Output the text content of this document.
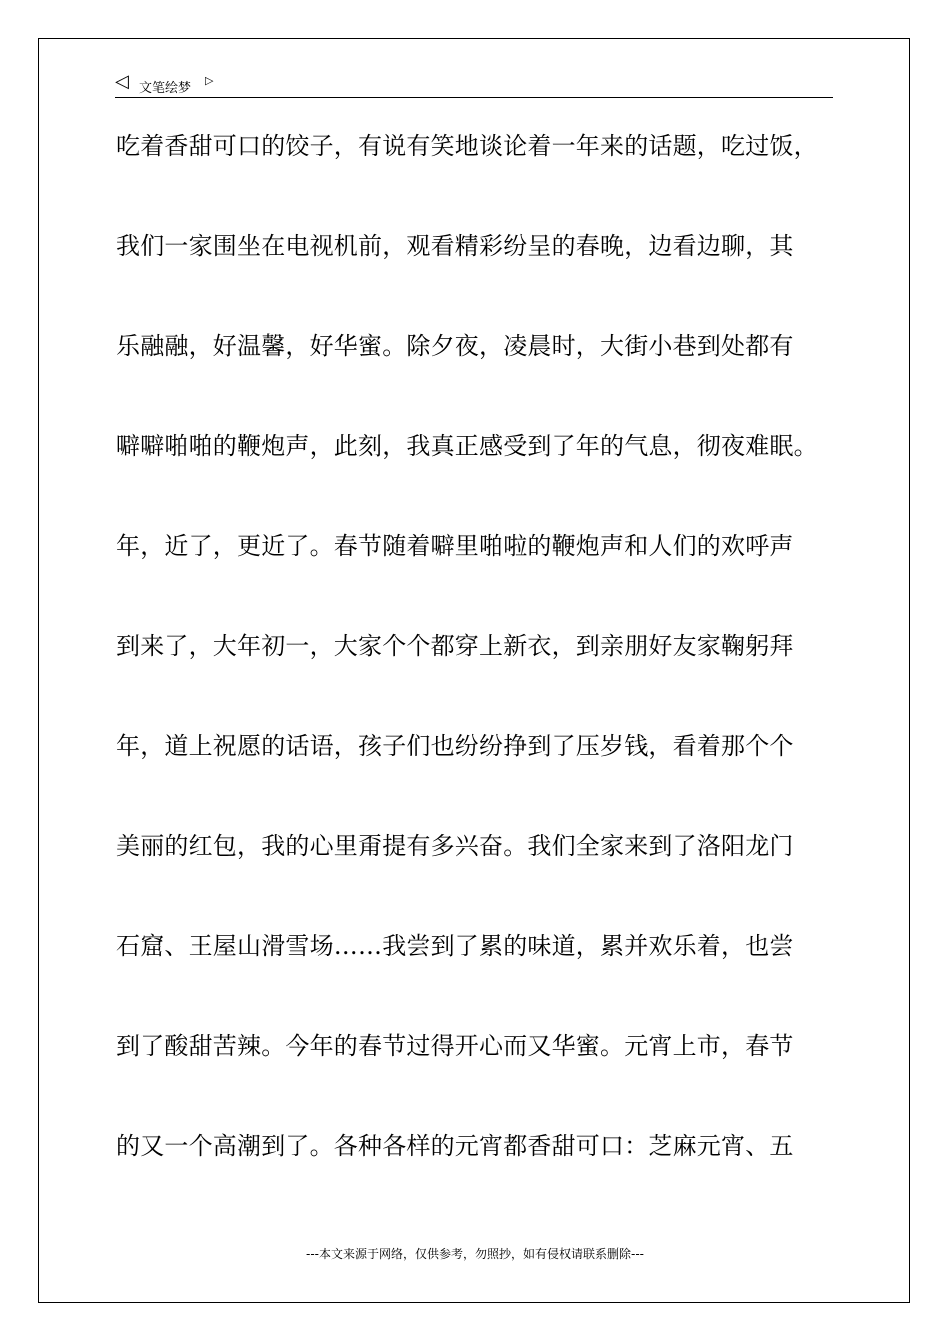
◁ 文笔绘梦
▷
吃着香甜可口的饺子，有说有笑地谈论着一年来的话题，吃过饭，
我们一家围坐在电视机前，观看精彩纷呈的春晚，边看边聊，其
乐融融，好温馨，好华蜜。除夕夜，凌晨时，大街小巷到处都有
噼噼啪啪的鞭炮声，此刻，我真正感受到了年的气息，彻夜难眠。
年，近了，更近了。春节随着噼里啪啦的鞭炮声和人们的欢呼声
到来了，大年初一，大家个个都穿上新衣，到亲朋好友家鞠躬拜
年，道上祝愿的话语，孩子们也纷纷挣到了压岁钱，看着那个个
美丽的红包，我的心里甭提有多兴奋。我们全家来到了洛阳龙门
石窟、王屋山滑雪场……我尝到了累的味道，累并欢乐着，也尝
到了酸甜苦辣。今年的春节过得开心而又华蜜。元宵上市，春节
的又一个高潮到了。各种各样的元宵都香甜可口：芝麻元宵、五
---本文来源于网络，仅供参考，勿照抄，如有侵权请联系删除---
